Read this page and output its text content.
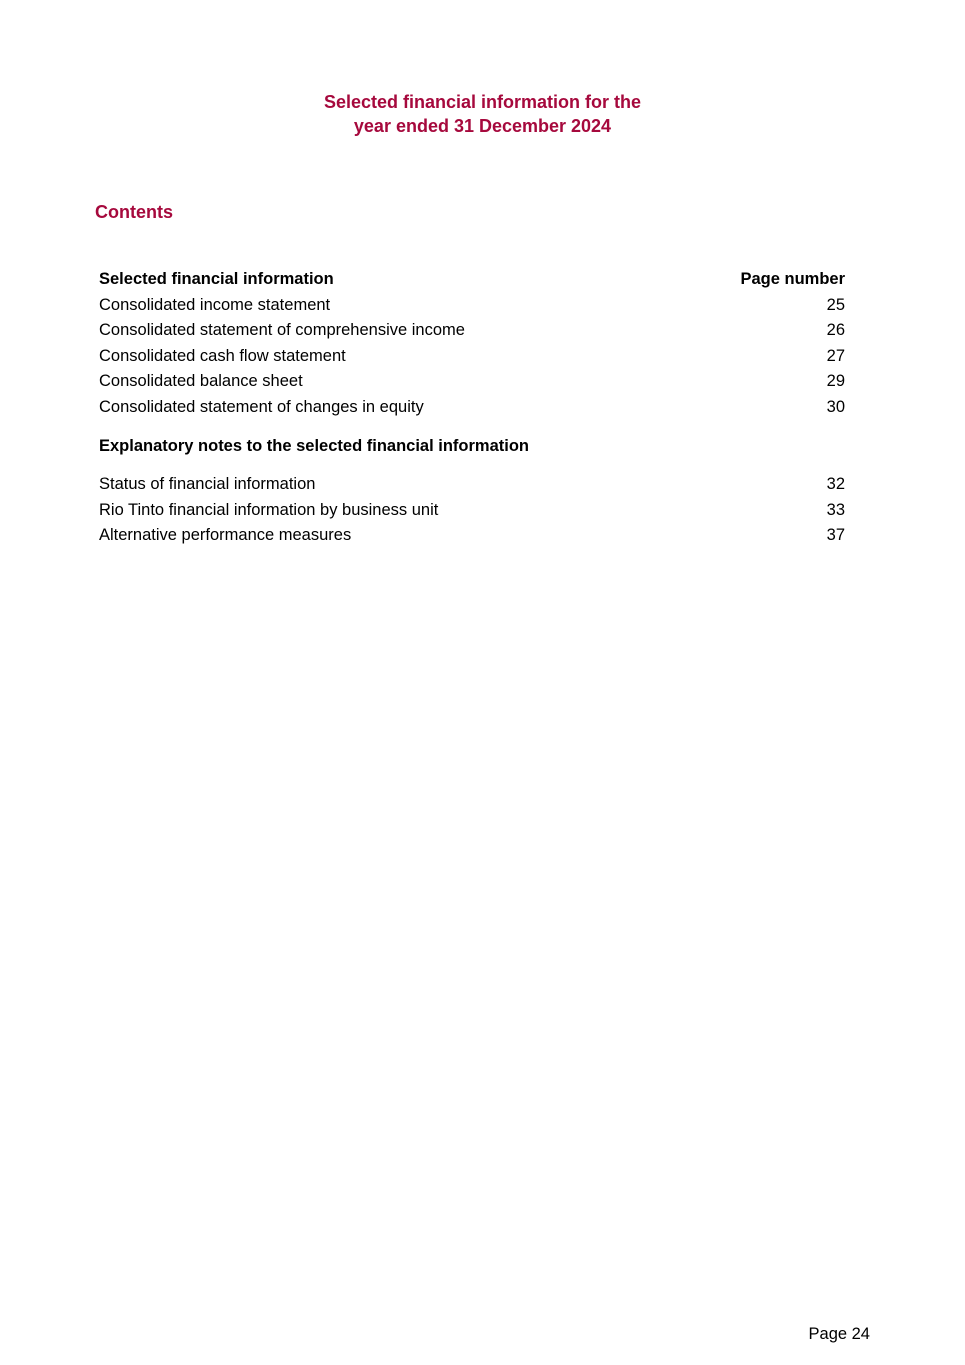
Selected financial information for the
year ended 31 December 2024
Contents
Selected financial information	Page number
Consolidated income statement	25
Consolidated statement of comprehensive income	26
Consolidated cash flow statement	27
Consolidated balance sheet	29
Consolidated statement of changes in equity	30
Explanatory notes to the selected financial information
Status of financial information	32
Rio Tinto financial information by business unit	33
Alternative performance measures	37
Page 24
